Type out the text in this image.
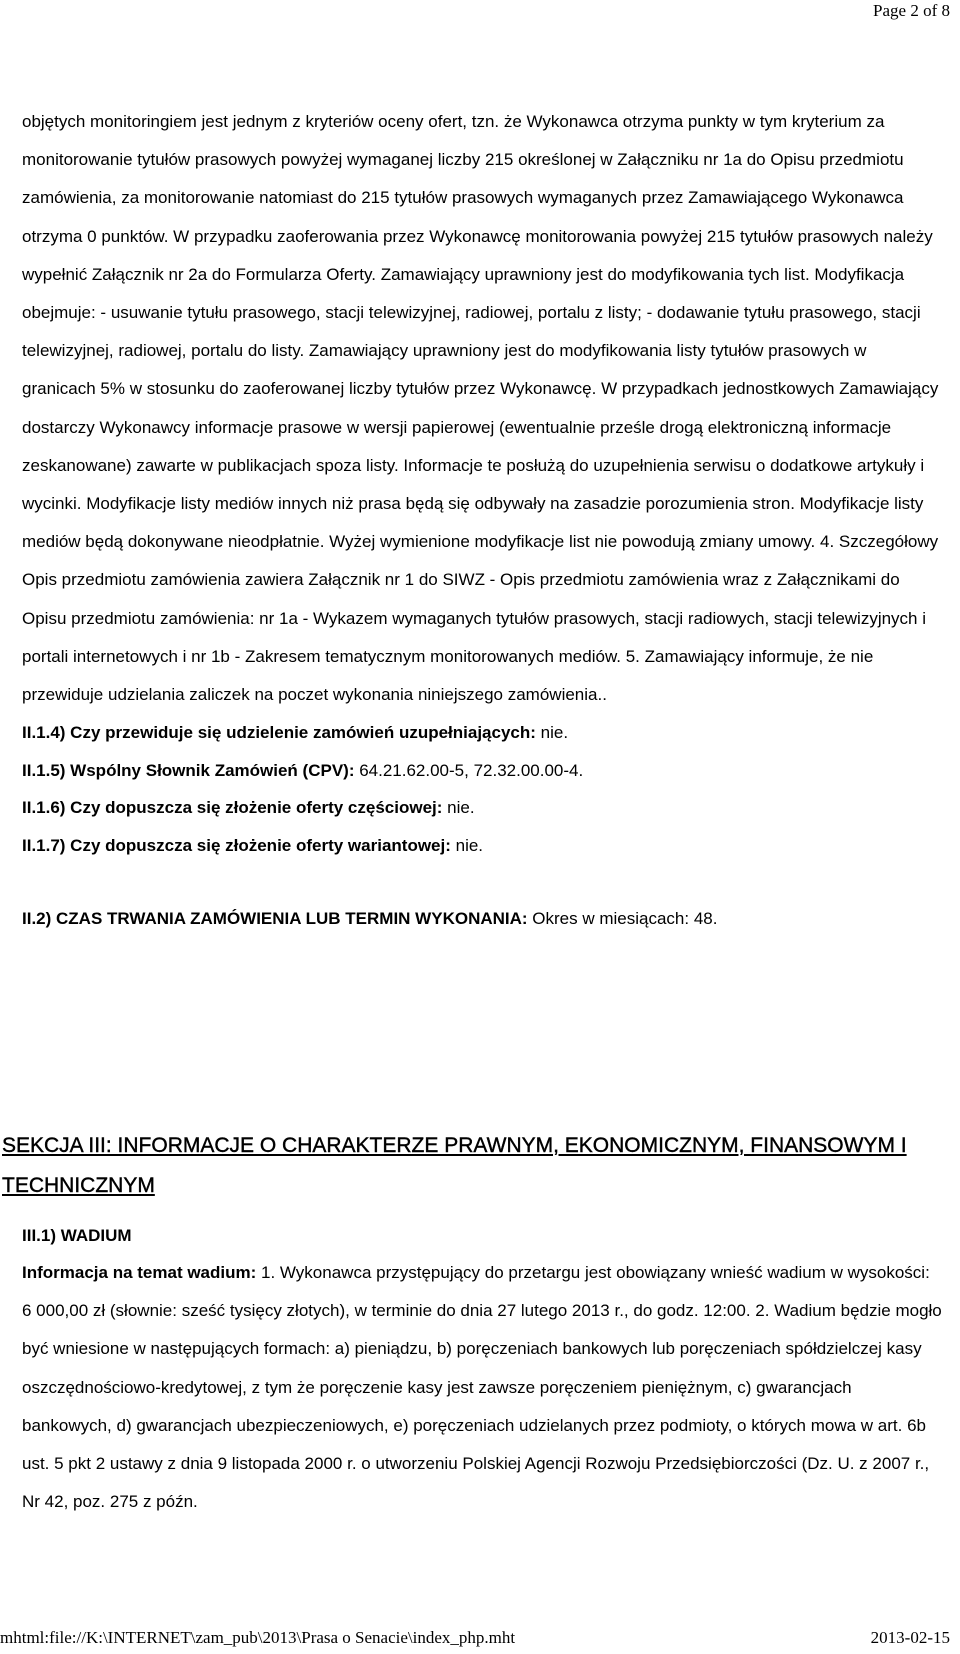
Page 2 of 8

objętych monitoringiem jest jednym z kryteriów oceny ofert, tzn. że Wykonawca otrzyma punkty w tym kryterium za monitorowanie tytułów prasowych powyżej wymaganej liczby 215 określonej w Załączniku nr 1a do Opisu przedmiotu zamówienia, za monitorowanie natomiast do 215 tytułów prasowych wymaganych przez Zamawiającego Wykonawca otrzyma 0 punktów. W przypadku zaoferowania przez Wykonawcę monitorowania powyżej 215 tytułów prasowych należy wypełnić Załącznik nr 2a do Formularza Oferty. Zamawiający uprawniony jest do modyfikowania tych list. Modyfikacja obejmuje: - usuwanie tytułu prasowego, stacji telewizyjnej, radiowej, portalu z listy; - dodawanie tytułu prasowego, stacji telewizyjnej, radiowej, portalu do listy. Zamawiający uprawniony jest do modyfikowania listy tytułów prasowych w granicach 5% w stosunku do zaoferowanej liczby tytułów przez Wykonawcę. W przypadkach jednostkowych Zamawiający dostarczy Wykonawcy informacje prasowe w wersji papierowej (ewentualnie prześle drogą elektroniczną informacje zeskanowane) zawarte w publikacjach spoza listy. Informacje te posłużą do uzupełnienia serwisu o dodatkowe artykuły i wycinki. Modyfikacje listy mediów innych niż prasa będą się odbywały na zasadzie porozumienia stron. Modyfikacje listy mediów będą dokonywane nieodpłatnie. Wyżej wymienione modyfikacje list nie powodują zmiany umowy. 4. Szczegółowy Opis przedmiotu zamówienia zawiera Załącznik nr 1 do SIWZ - Opis przedmiotu zamówienia wraz z Załącznikami do Opisu przedmiotu zamówienia: nr 1a - Wykazem wymaganych tytułów prasowych, stacji radiowych, stacji telewizyjnych i portali internetowych i nr 1b - Zakresem tematycznym monitorowanych mediów. 5. Zamawiający informuje, że nie przewiduje udzielania zaliczek na poczet wykonania niniejszego zamówienia..

II.1.4) Czy przewiduje się udzielenie zamówień uzupełniających: nie.

II.1.5) Wspólny Słownik Zamówień (CPV): 64.21.62.00-5, 72.32.00.00-4.

II.1.6) Czy dopuszcza się złożenie oferty częściowej: nie.

II.1.7) Czy dopuszcza się złożenie oferty wariantowej: nie.

II.2) CZAS TRWANIA ZAMÓWIENIA LUB TERMIN WYKONANIA: Okres w miesiącach: 48.

SEKCJA III: INFORMACJE O CHARAKTERZE PRAWNYM, EKONOMICZNYM, FINANSOWYM I TECHNICZNYM

III.1) WADIUM

Informacja na temat wadium: 1. Wykonawca przystępujący do przetargu jest obowiązany wnieść wadium w wysokości: 6 000,00 zł (słownie: sześć tysięcy złotych), w terminie do dnia 27 lutego 2013 r., do godz. 12:00. 2. Wadium będzie mogło być wniesione w następujących formach: a) pieniądzu, b) poręczeniach bankowych lub poręczeniach spółdzielczej kasy oszczędnościowo-kredytowej, z tym że poręczenie kasy jest zawsze poręczeniem pieniężnym, c) gwarancjach bankowych, d) gwarancjach ubezpieczeniowych, e) poręczeniach udzielanych przez podmioty, o których mowa w art. 6b ust. 5 pkt 2 ustawy z dnia 9 listopada 2000 r. o utworzeniu Polskiej Agencji Rozwoju Przedsiębiorczości (Dz. U. z 2007 r., Nr 42, poz. 275 z późn.

mhtml:file://K:\INTERNET\zam_pub\2013\Prasa o Senacie\index_php.mht	2013-02-15
